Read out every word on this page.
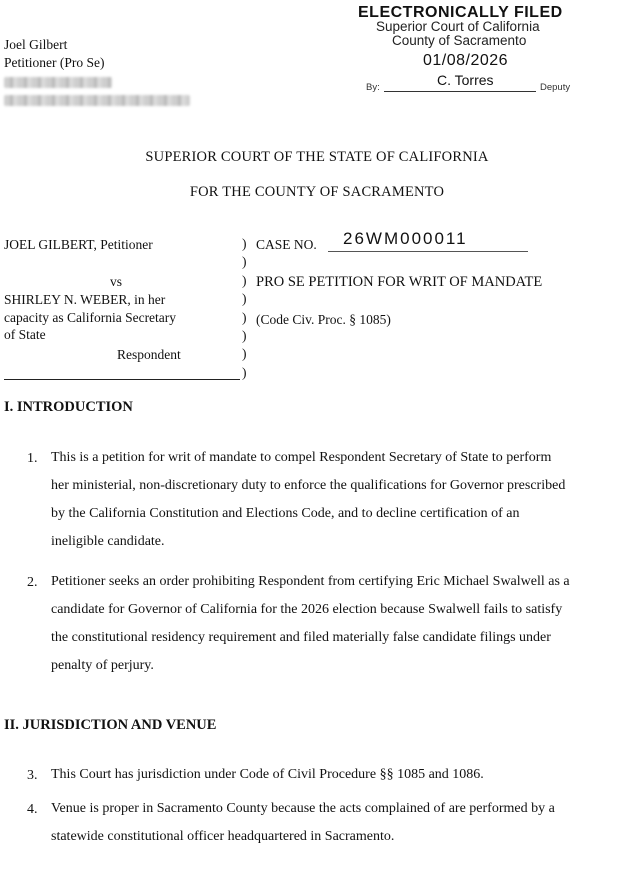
Joel Gilbert
Petitioner (Pro Se)
ELECTRONICALLY FILED
Superior Court of California
County of Sacramento
01/08/2026
By:	C. Torres	Deputy
SUPERIOR COURT OF THE STATE OF CALIFORNIA
FOR THE COUNTY OF SACRAMENTO
JOEL GILBERT, Petitioner
vs
SHIRLEY N. WEBER, in her
capacity as California Secretary
of State
Respondent
)
)
)
)
)
)
)
)
CASE NO. 26WM000011
PRO SE PETITION FOR WRIT OF MANDATE
(Code Civ. Proc. § 1085)
I. INTRODUCTION
1. This is a petition for writ of mandate to compel Respondent Secretary of State to perform
her ministerial, non-discretionary duty to enforce the qualifications for Governor prescribed
by the California Constitution and Elections Code, and to decline certification of an
ineligible candidate.
2. Petitioner seeks an order prohibiting Respondent from certifying Eric Michael Swalwell as a
candidate for Governor of California for the 2026 election because Swalwell fails to satisfy
the constitutional residency requirement and filed materially false candidate filings under
penalty of perjury.
II. JURISDICTION AND VENUE
3. This Court has jurisdiction under Code of Civil Procedure §§ 1085 and 1086.
4. Venue is proper in Sacramento County because the acts complained of are performed by a
statewide constitutional officer headquartered in Sacramento.
